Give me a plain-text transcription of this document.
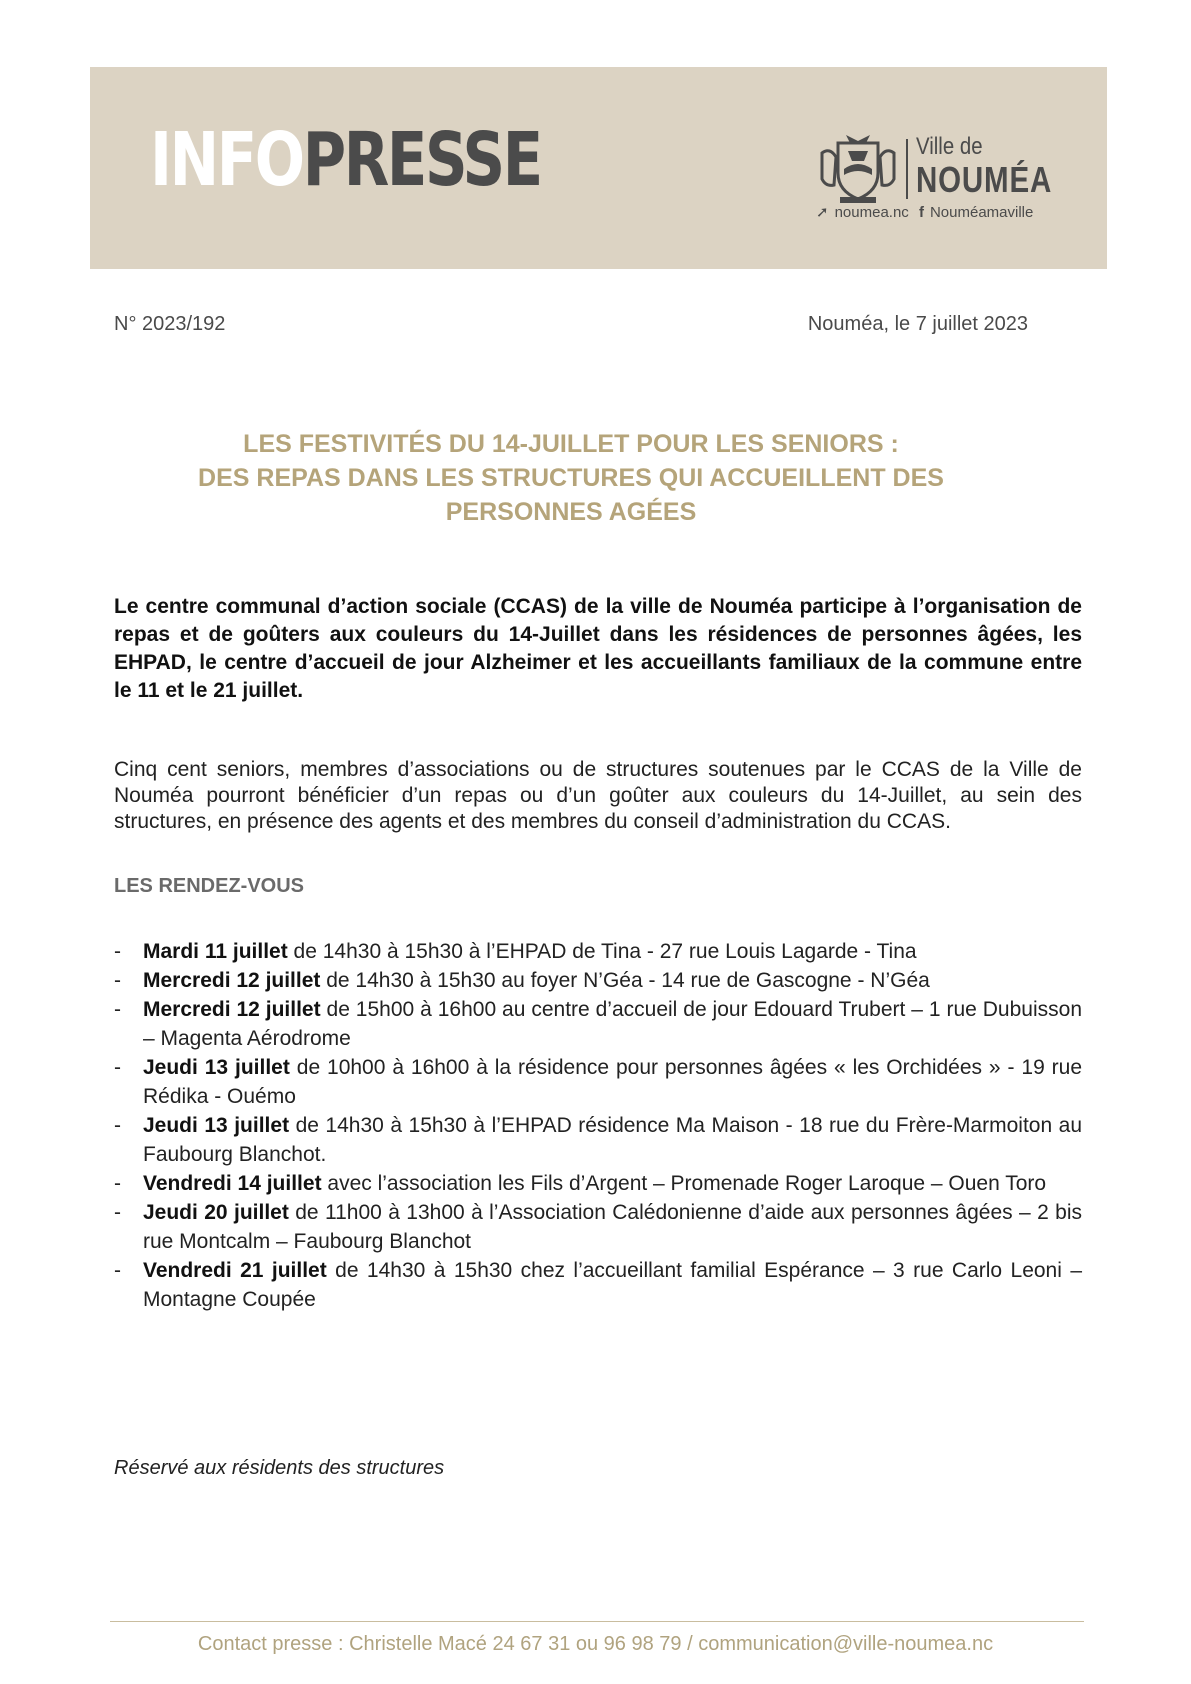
INFOPRESSE	Ville de
NOUMÉA
➚ noumea.nc f Nouméamaville
N° 2023/192	Nouméa, le 7 juillet 2023
LES FESTIVITÉS DU 14-JUILLET POUR LES SENIORS :
DES REPAS DANS LES STRUCTURES QUI ACCUEILLENT DES
PERSONNES AGÉES
Le centre communal d’action sociale (CCAS) de la ville de Nouméa participe à l’organisation de repas et de goûters aux couleurs du 14-Juillet dans les résidences de personnes âgées, les EHPAD, le centre d’accueil de jour Alzheimer et les accueillants familiaux de la commune entre le 11 et le 21 juillet.
Cinq cent seniors, membres d’associations ou de structures soutenues par le CCAS de la Ville de Nouméa pourront bénéficier d’un repas ou d’un goûter aux couleurs du 14-Juillet, au sein des structures, en présence des agents et des membres du conseil d’administration du CCAS.
LES RENDEZ-VOUS
- Mardi 11 juillet de 14h30 à 15h30 à l’EHPAD de Tina - 27 rue Louis Lagarde - Tina
- Mercredi 12 juillet de 14h30 à 15h30 au foyer N’Géa - 14 rue de Gascogne - N’Géa
- Mercredi 12 juillet de 15h00 à 16h00 au centre d’accueil de jour Edouard Trubert – 1 rue Dubuisson – Magenta Aérodrome
- Jeudi 13 juillet de 10h00 à 16h00 à la résidence pour personnes âgées « les Orchidées » - 19 rue Rédika - Ouémo
- Jeudi 13 juillet de 14h30 à 15h30 à l’EHPAD résidence Ma Maison - 18 rue du Frère-Marmoiton au Faubourg Blanchot.
- Vendredi 14 juillet avec l’association les Fils d’Argent – Promenade Roger Laroque – Ouen Toro
- Jeudi 20 juillet de 11h00 à 13h00 à l’Association Calédonienne d’aide aux personnes âgées – 2 bis rue Montcalm – Faubourg Blanchot
- Vendredi 21 juillet de 14h30 à 15h30 chez l’accueillant familial Espérance – 3 rue Carlo Leoni – Montagne Coupée
Réservé aux résidents des structures
Contact presse : Christelle Macé 24 67 31 ou 96 98 79 / communication@ville-noumea.nc
